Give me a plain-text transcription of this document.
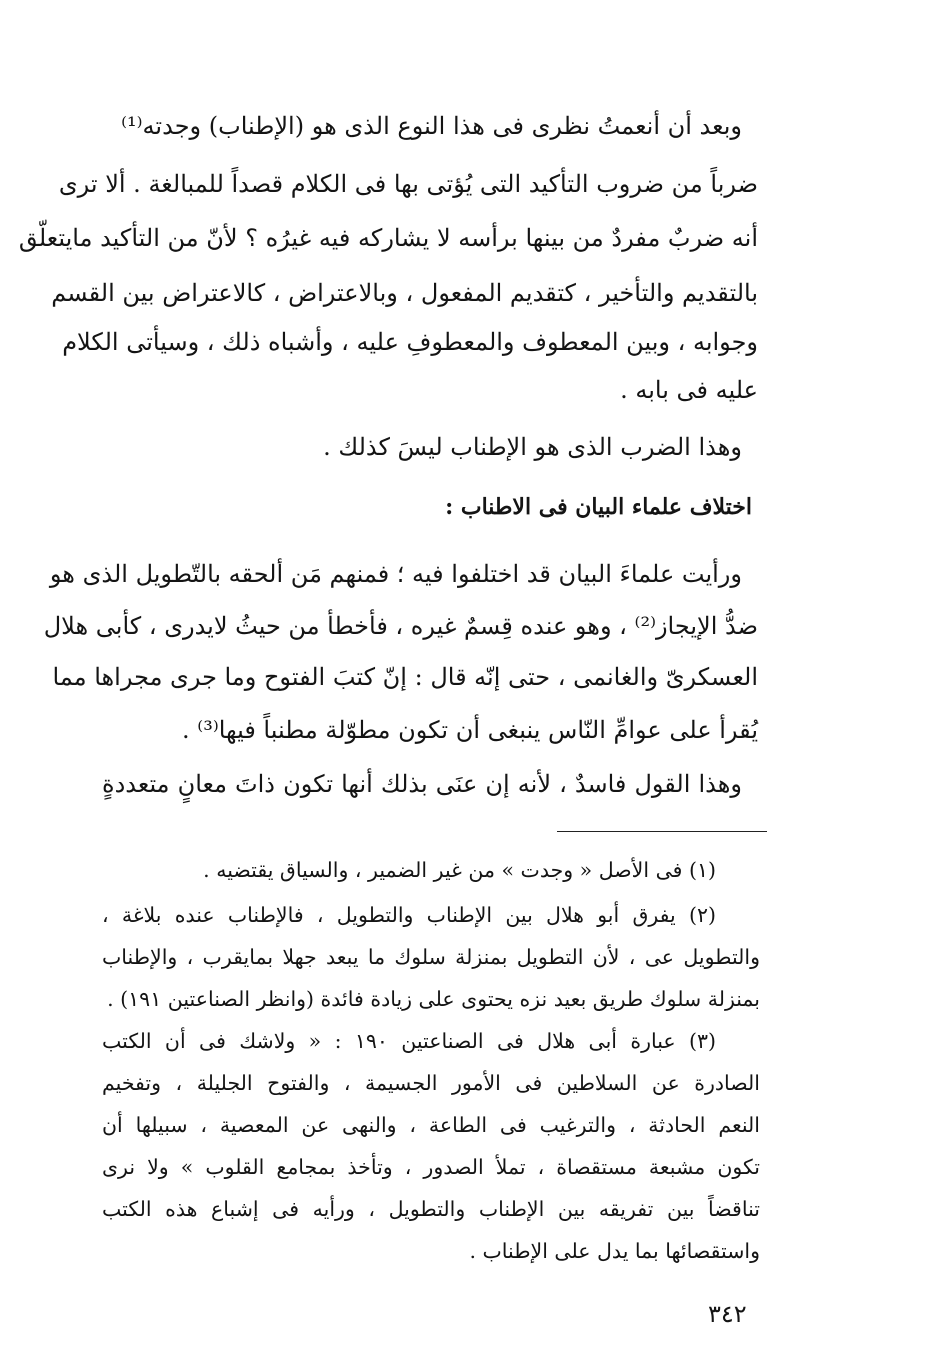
وبعد أن أنعمتُ نظرى فى هذا النوع الذى هو (الإطناب) وجدته⁽¹⁾
ضرباً من ضروب التأكيد التى يُؤتى بها فى الكلام قصداً للمبالغة . ألا ترى
أنه ضربٌ مفردٌ من بينها برأسه لا يشاركه فيه غيرُه ؟ لأنّ من التأكيد مايتعلّق
بالتقديم والتأخير ، كتقديم المفعول ، وبالاعتراض ، كالاعتراض بين القسم
وجوابه ، وبين المعطوف والمعطوفِ عليه ، وأشباه ذلك ، وسيأتى الكلام
عليه فى بابه .
وهذا الضرب الذى هو الإطناب ليسَ كذلك .
اختلاف علماء البيان فى الاطناب :
ورأيت علماءَ البيان قد اختلفوا فيه ؛ فمنهم مَن ألحقه بالتّطويل الذى هو
ضدُّ الإيجاز⁽²⁾ ، وهو عنده قِسمٌ غيره ، فأخطأ من حيثُ لايدرى ، كأبى هلال
العسكرىّ والغانمى ، حتى إنّه قال : إنّ كتبَ الفتوح وما جرى مجراها مما
يُقرأ على عوامِّ النّاس ينبغى أن تكون مطوّلة مطنباً فيها⁽³⁾ .
وهذا القول فاسدٌ ، لأنه إن عنَى بذلك أنها تكون ذاتَ معانٍ متعددةٍ
(١) فى الأصل « وجدت » من غير الضمير ، والسياق يقتضيه .
(٢) يفرق أبو هلال بين الإطناب والتطويل ، فالإطناب عنده بلاغة ،
والتطويل عى ، لأن التطويل بمنزلة سلوك ما يبعد جهلا بمايقرب ، والإطناب
بمنزلة سلوك طريق بعيد نزه يحتوى على زيادة فائدة (وانظر الصناعتين ١٩١) .
(٣) عبارة أبى هلال فى الصناعتين ١٩٠ : « ولاشك فى أن الكتب
الصادرة عن السلاطين فى الأمور الجسيمة ، والفتوح الجليلة ، وتفخيم
النعم الحادثة ، والترغيب فى الطاعة ، والنهى عن المعصية ، سبيلها أن
تكون مشبعة مستقصاة ، تملأ الصدور ، وتأخذ بمجامع القلوب » ولا نرى
تناقضاً بين تفريقه بين الإطناب والتطويل ، ورأيه فى إشباع هذه الكتب
واستقصائها بما يدل على الإطناب .
٣٤٢
